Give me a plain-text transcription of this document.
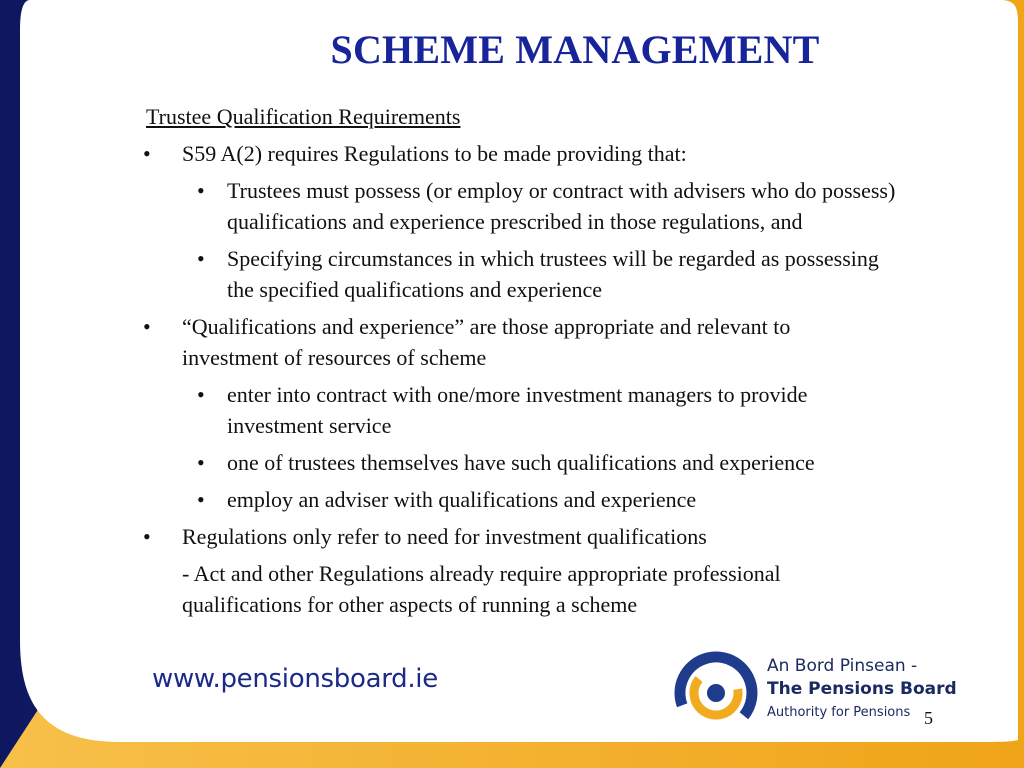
SCHEME MANAGEMENT
Trustee Qualification Requirements
• S59 A(2) requires Regulations to be made providing that:
• Trustees must possess (or employ or contract with advisers who do possess)
qualifications and experience prescribed in those regulations, and
• Specifying circumstances in which trustees will be regarded as possessing
the specified qualifications and experience
• “Qualifications and experience” are those appropriate and relevant to
investment of resources of scheme
• enter into contract with one/more investment managers to provide
investment service
• one of trustees themselves have such qualifications and experience
• employ an adviser with qualifications and experience
• Regulations only refer to need for investment qualifications
- Act and other Regulations already require appropriate professional
qualifications for other aspects of running a scheme
www.pensionsboard.ie	An Bord Pinsean -
The Pensions Board
Authority for Pensions 5
